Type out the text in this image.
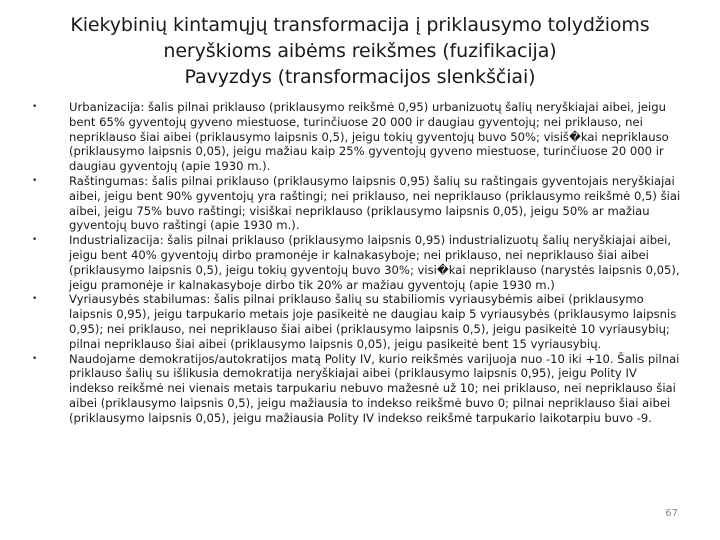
Kiekybinių kintamųjų transformacija į priklausymo tolydžioms
neryškioms aibėms reikšmes (fuzifikacija)
Pavyzdys (transformacijos slenkščiai)
•	Urbanizacija: šalis pilnai priklauso (priklausymo reikšmė 0,95) urbanizuotų šalių neryškiajai aibei, jeigu bent 65% gyventojų gyveno miestuose, turinčiuose 20 000 ir daugiau gyventojų; nei priklauso, nei nepriklauso šiai aibei (priklausymo laipsnis 0,5), jeigu tokių gyventojų buvo 50%; visiš�kai nepriklauso (priklausymo laipsnis 0,05), jeigu mažiau kaip 25% gyventojų gyveno miestuose, turinčiuose 20 000 ir daugiau gyventojų (apie 1930 m.).
•	Raštingumas: šalis pilnai priklauso (priklausymo laipsnis 0,95) šalių su raštingais gyventojais neryškiajai aibei, jeigu bent 90% gyventojų yra raštingi; nei priklauso, nei nepriklauso (priklausymo reikšmė 0,5) šiai aibei, jeigu 75% buvo raštingi; visiškai nepriklauso (priklausymo laipsnis 0,05), jeigu 50% ar mažiau gyventojų buvo raštingi (apie 1930 m.).
•	Industrializacija: šalis pilnai priklauso (priklausymo laipsnis 0,95) industrializuotų šalių neryškiajai aibei, jeigu bent 40% gyventojų dirbo pramonėje ir kalnakasyboje; nei priklauso, nei nepriklauso šiai aibei (priklausymo laipsnis 0,5), jeigu tokių gyventojų buvo 30%; visi�kai nepriklauso (narystės laipsnis 0,05), jeigu pramonėje ir kalnakasyboje dirbo tik 20% ar mažiau gyventojų (apie 1930 m.)
•	Vyriausybės stabilumas: šalis pilnai priklauso šalių su stabiliomis vyriausybėmis aibei (priklausymo laipsnis 0,95), jeigu tarpukario metais joje pasikeitė ne daugiau kaip 5 vyriausybės (priklausymo laipsnis 0,95); nei priklauso, nei nepriklauso šiai aibei (priklausymo laipsnis 0,5), jeigu pasikeitė 10 vyriausybių; pilnai nepriklauso šiai aibei (priklausymo laipsnis 0,05), jeigu pasikeitė bent 15 vyriausybių.
•	Naudojame demokratijos/autokratijos matą Polity IV, kurio reikšmės varijuoja nuo -10 iki +10. Šalis pilnai priklauso šalių su išlikusia demokratija neryškiajai aibei (priklausymo laipsnis 0,95), jeigu Polity IV indekso reikšmė nei vienais metais tarpukariu nebuvo mažesnė už 10; nei priklauso, nei nepriklauso šiai aibei (priklausymo laipsnis 0,5), jeigu mažiausia to indekso reikšmė buvo 0; pilnai nepriklauso šiai aibei (priklausymo laipsnis 0,05), jeigu mažiausia Polity IV indekso reikšmė tarpukario laikotarpiu buvo -9.
67
